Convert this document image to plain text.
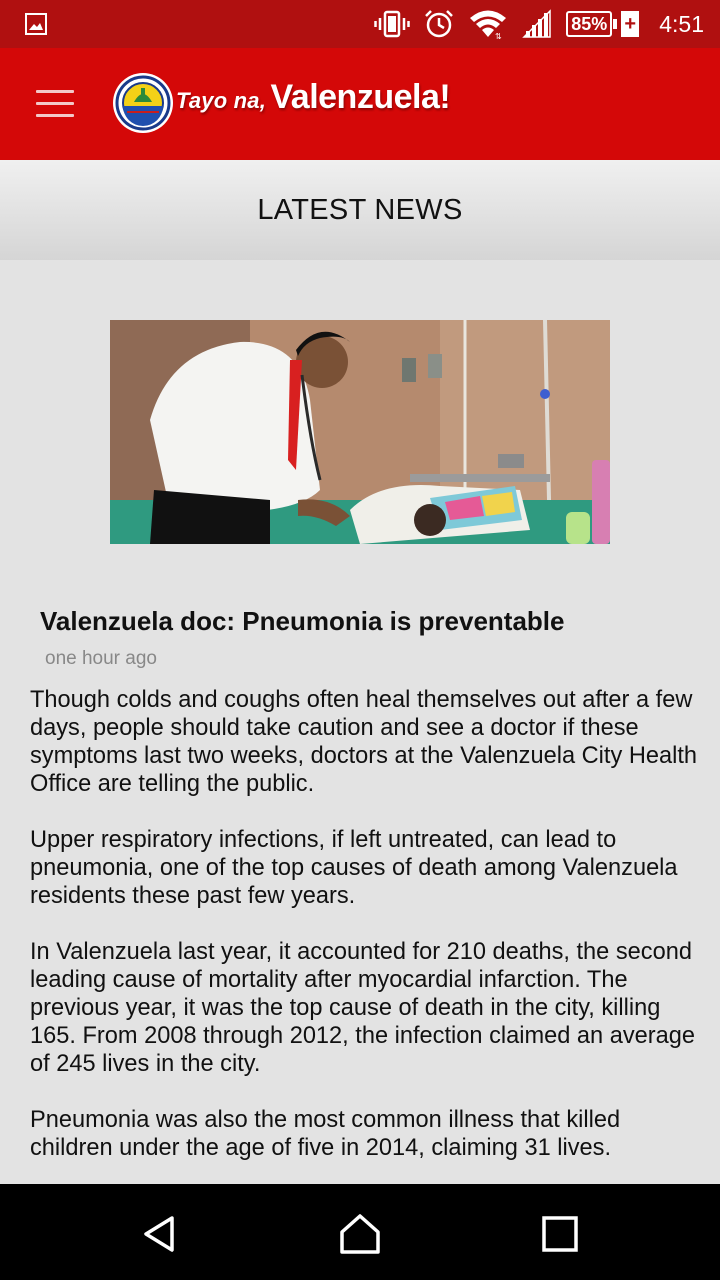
⇅
85% + 4:51
Tayo na, Valenzuela!
LATEST NEWS
Valenzuela doc: Pneumonia is preventable
one hour ago

Though colds and coughs often heal themselves out after a few days, people should take caution and see a doctor if these symptoms last two weeks, doctors at the Valenzuela City Health Office are telling the public.

Upper respiratory infections, if left untreated, can lead to pneumonia, one of the top causes of death among Valenzuela residents these past few years.

In Valenzuela last year, it accounted for 210 deaths, the second leading cause of mortality after myocardial infarction. The previous year, it was the top cause of death in the city, killing 165. From 2008 through 2012, the infection claimed an average of 245 lives in the city.

Pneumonia was also the most common illness that killed children under the age of five in 2014, claiming 31 lives.
